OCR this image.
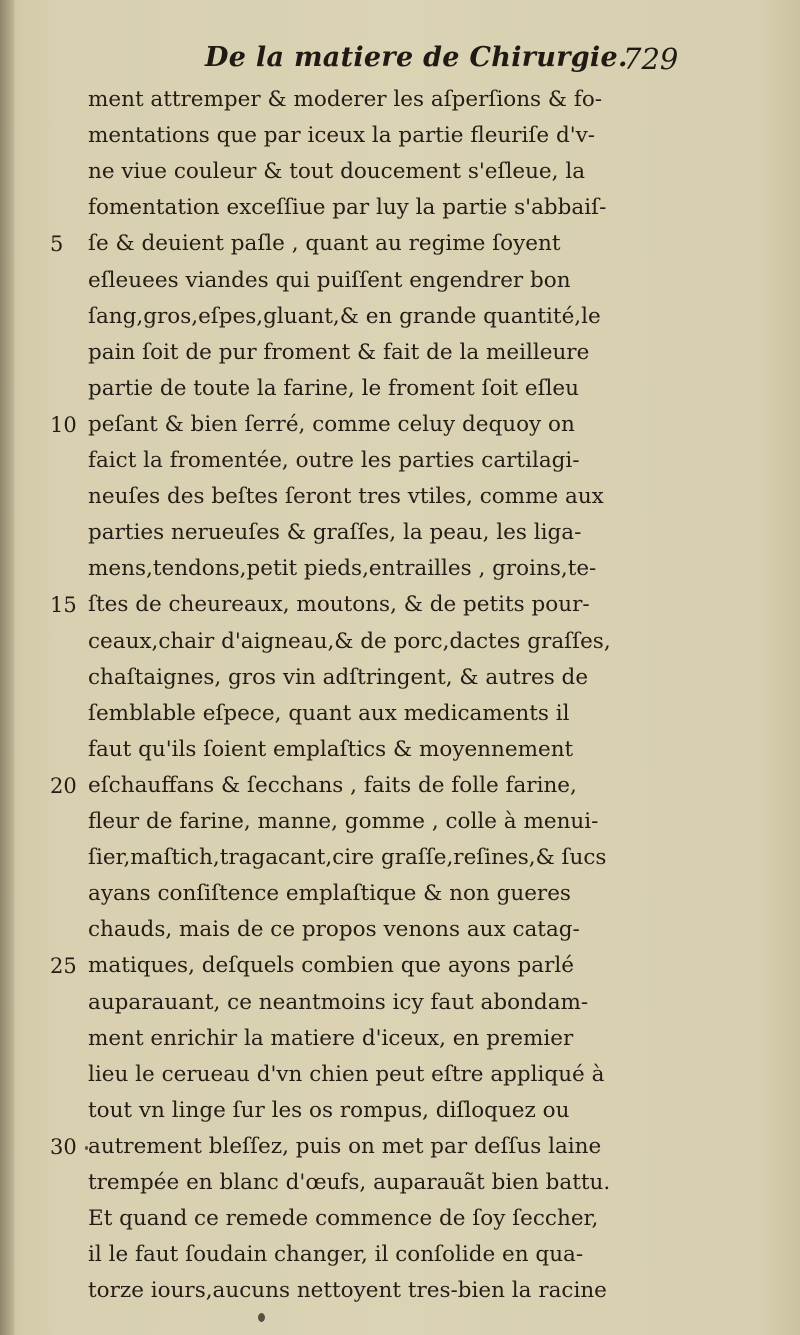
De la matiere de Chirurgie.
729
ment attremper & moderer les aſperſions & fo-
mentations que par iceux la partie fleuriſe d'v-
ne viue couleur & tout doucement s'eſleue, la
fomentation exceſſiue par luy la partie s'abbaiſ-
ſe & deuient paſle , quant au regime ſoyent
eſleuees viandes qui puiſſent engendrer bon
ſang,gros,eſpes,gluant,& en grande quantité,le
pain ſoit de pur froment & fait de la meilleure
partie de toute la farine, le froment ſoit eſleu
peſant & bien ſerré, comme celuy dequoy on
faict la fromentée, outre les parties cartilagi-
neuſes des beſtes ſeront tres vtiles, comme aux
parties nerueuſes & graſſes, la peau, les liga-
mens,tendons,petit pieds,entrailles , groins,te-
ſtes de cheureaux, moutons, & de petits pour-
ceaux,chair d'aigneau,& de porc,dactes graſſes,
chaſtaignes, gros vin adſtringent, & autres de
ſemblable eſpece, quant aux medicaments il
faut qu'ils ſoient emplaſtics & moyennement
eſchauffans & ſecchans , faits de folle farine,
fleur de farine, manne, gomme , colle à menui-
ſier,maſtich,tragacant,cire graſſe,reſines,& ſucs
ayans conſiſtence emplaſtique & non gueres
chauds, mais de ce propos venons aux catag-
matiques, deſquels combien que ayons parlé
auparauant, ce neantmoins icy faut abondam-
ment enrichir la matiere d'iceux, en premier
lieu le cerueau d'vn chien peut eſtre appliqué à
tout vn linge ſur les os rompus, diſloquez ou
autrement bleſſez, puis on met par deſſus laine
trempée en blanc d'œufs, auparauãt bien battu.
Et quand ce remede commence de ſoy ſeccher,
il le faut ſoudain changer, il conſolide en qua-
torze iours,aucuns nettoyent tres-bien la racine
5
10
15
20
25
30
